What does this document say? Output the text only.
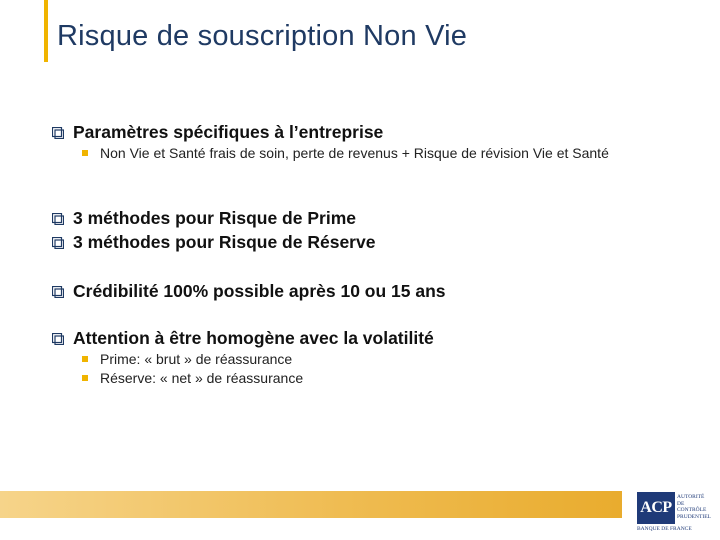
Risque de souscription Non Vie
Paramètres spécifiques à l’entreprise
Non Vie et Santé frais de soin, perte de revenus + Risque de révision Vie et Santé
3 méthodes pour Risque de Prime
3 méthodes pour Risque de Réserve
Crédibilité 100% possible après 10 ou 15 ans
Attention à être homogène avec la volatilité
Prime: « brut » de réassurance
Réserve: « net » de réassurance
ACP
AUTORITÉ
DE CONTRÔLE
PRUDENTIEL
BANQUE DE FRANCE
